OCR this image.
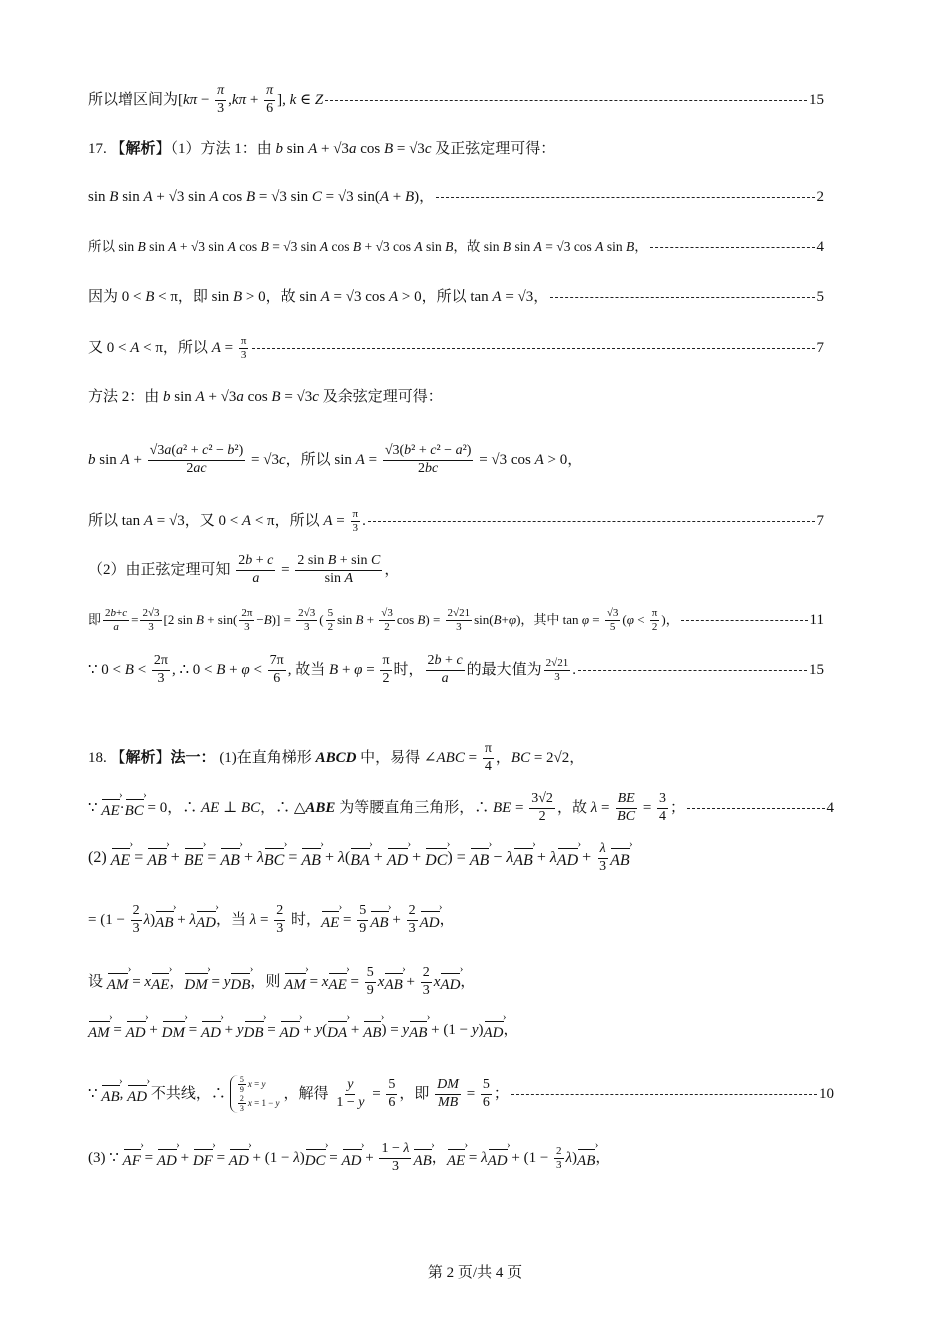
所以增区间为[ $k\pi - \frac{\pi}{3}$ , $k\pi + \frac{\pi}{6}$ ], k ∈ Z	15
17. 【 解析 】（1）方法 1：由 b sin A + √3 a cos B = √3 c 及正弦定理可得：
sin B sin A + √3 sin A cos B = √3 sin C = √3 sin( A + B )，	2
所以 sin B sin A + √3 sin A cos B = √3 sin A cos B + √3 cos A sin B ，故 sin B sin A = √3 cos A sin B ，	4
因为 0 < B < π，即 sin B > 0，故 sin A = √3 cos A > 0，所以 tan A = √3，	5
又 0 < A < π，所以 $A = \frac{\pi}{3}$	7
方法 2：由 b sin A + √3 a cos B = √3 c 及余弦定理可得：
b $\sin A + \frac{\text{√3a(a² + c² − b²)}}{2ac} = √3$ c ，所以 $\sin A = \frac{\text{√3(b² + c² − a²)}}{2bc} = √3$ cos A > 0，
所以 tan A = √3，又 0 < A < π，所以 $A = \frac{\pi}{3}$ .	7
（2）由正弦定理可知 $\frac{2b + c}{a} = \frac{\text{2 sin B + sin C}}{\text{sin A}}$ ，
即 $\frac{2b+c}{a} = \frac{2√3}{3} [2$ $\sin B + \sin( \frac{2\pi}{3} - B$ )] = $\frac{2√3}{3}$ ( $\frac{5}{2}$ $\sin B + \frac{√3}{2}$ cos B ) = $\frac{2√21}{3} \sin$( B + φ )，其中 $\tan \varphi = \frac{√3}{5}$ ( $\varphi < \frac{\pi}{2}$ )，	11
∵ $0 < B < \frac{2\pi}{3}$ , ∴ $0 < B + \varphi < \frac{7\pi}{6}$ , 故当 $B + \varphi = \frac{\pi}{2}$ 时， $\frac{2b + c}{a}$ 的最大值为 $\frac{2√21}{3}$ .	15
18. 【 解析 】 法一： (1)在直角梯形 ABCD 中，易得 ∠ ABC = $\frac{\pi}{4}$ ， BC = 2√2，
∵ AE › · BC › = 0，∴ AE ⊥ BC ，∴ △ ABE 为等腰直角三角形，∴ BE = $\frac{3√2}{2}$ ，故 $\lambda = \frac{BE}{BC} = \frac{3}{4}$ ；	4
(2) AE › = AB › + BE › = AB › + λ BC › = AB › + λ ( BA › + AD › + DC › ) = AB › − λ AB › + λ AD › + $\frac{\lambda}{3}$ AB ›
= ($1 - \frac{2}{3}$ λ ) AB › + λ AD › ，当 $\lambda = \frac{2}{3}$ 时， AE › = $\frac{5}{9}$ AB › + $\frac{2}{3}$ AD › ，
设 AM › = x AE › ， DM › = y DB › ，则 AM › = x AE › = $\frac{5}{9}$ x AB › + $\frac{2}{3}$ x AD › ，
AM › = AD › + DM › = AD › + y DB › = AD › + y ( DA › + AB › ) = y AB › + (1 − y ) AD › ，
∵ AB › , AD › 不共线，∴ $\frac{5}{9}$ x = y
$\frac{2}{3}$ x = 1 − y
，解得 $\frac{y}{1 - y} = \frac{5}{6}$ ，即 $\frac{DM}{MB} = \frac{5}{6}$ ；	10
(3) ∵ AF › = AD › + DF › = AD › + (1 − λ ) DC › = AD › + $\frac{1 - \lambda}{3}$ AB › ， AE › = λ AD › + ($1 - \frac{2}{3}$ λ ) AB › ，
第 2 页/共 4 页
